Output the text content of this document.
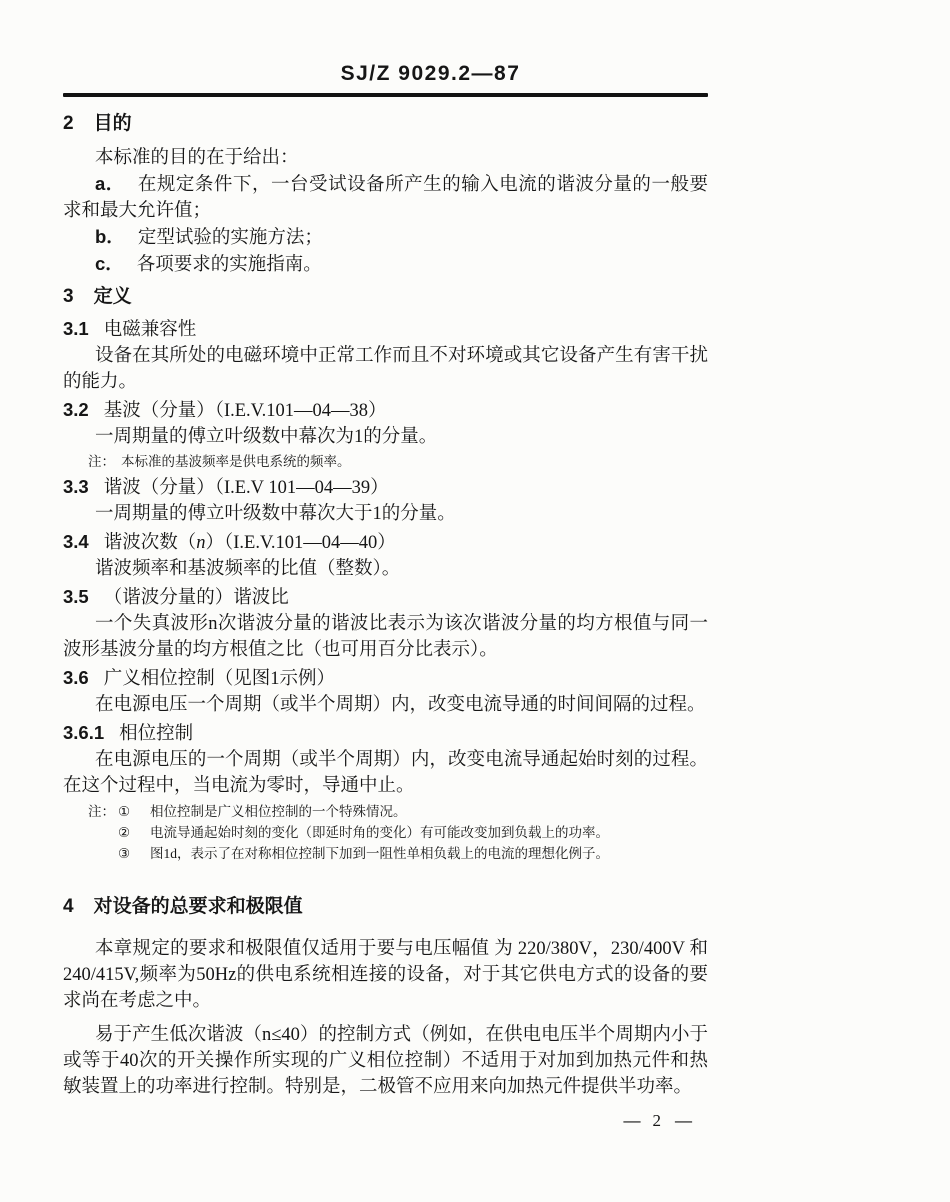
SJ/Z 9029.2—87
2 目的

本标准的目的在于给出：

a． 在规定条件下，一台受试设备所产生的输入电流的谐波分量的一般要求和最大允许值；

b． 定型试验的实施方法；

c． 各项要求的实施指南。

3 定义

3.1 电磁兼容性

设备在其所处的电磁环境中正常工作而且不对环境或其它设备产生有害干扰的能力。

3.2 基波（分量）（I.E.V.101—04—38）

一周期量的傅立叶级数中幕次为1的分量。

注： 本标准的基波频率是供电系统的频率。

3.3 谐波（分量）（I.E.V 101—04—39）

一周期量的傅立叶级数中幕次大于1的分量。

3.4 谐波次数（n）（I.E.V.101—04—40）

谐波频率和基波频率的比值（整数）。

3.5 （谐波分量的）谐波比

一个失真波形n次谐波分量的谐波比表示为该次谐波分量的均方根值与同一波形基波分量的均方根值之比（也可用百分比表示）。

3.6 广义相位控制（见图1示例）

在电源电压一个周期（或半个周期）内，改变电流导通的时间间隔的过程。

3.6.1 相位控制

在电源电压的一个周期（或半个周期）内，改变电流导通起始时刻的过程。在这个过程中，当电流为零时，导通中止。

注： ①	相位控制是广义相位控制的一个特殊情况。
②	电流导通起始时刻的变化（即延时角的变化）有可能改变加到负载上的功率。
③	图1d，表示了在对称相位控制下加到一阻性单相负载上的电流的理想化例子。
4 对设备的总要求和极限值

本章规定的要求和极限值仅适用于要与电压幅值 为 220/380V，230/400V 和 240/415V,频率为50Hz的供电系统相连接的设备，对于其它供电方式的设备的要求尚在考虑之中。

易于产生低次谐波（n≤40）的控制方式（例如，在供电电压半个周期内小于或等于40次的开关操作所实现的广义相位控制）不适用于对加到加热元件和热敏装置上的功率进行控制。特别是，二极管不应用来向加热元件提供半功率。

— 2 —
